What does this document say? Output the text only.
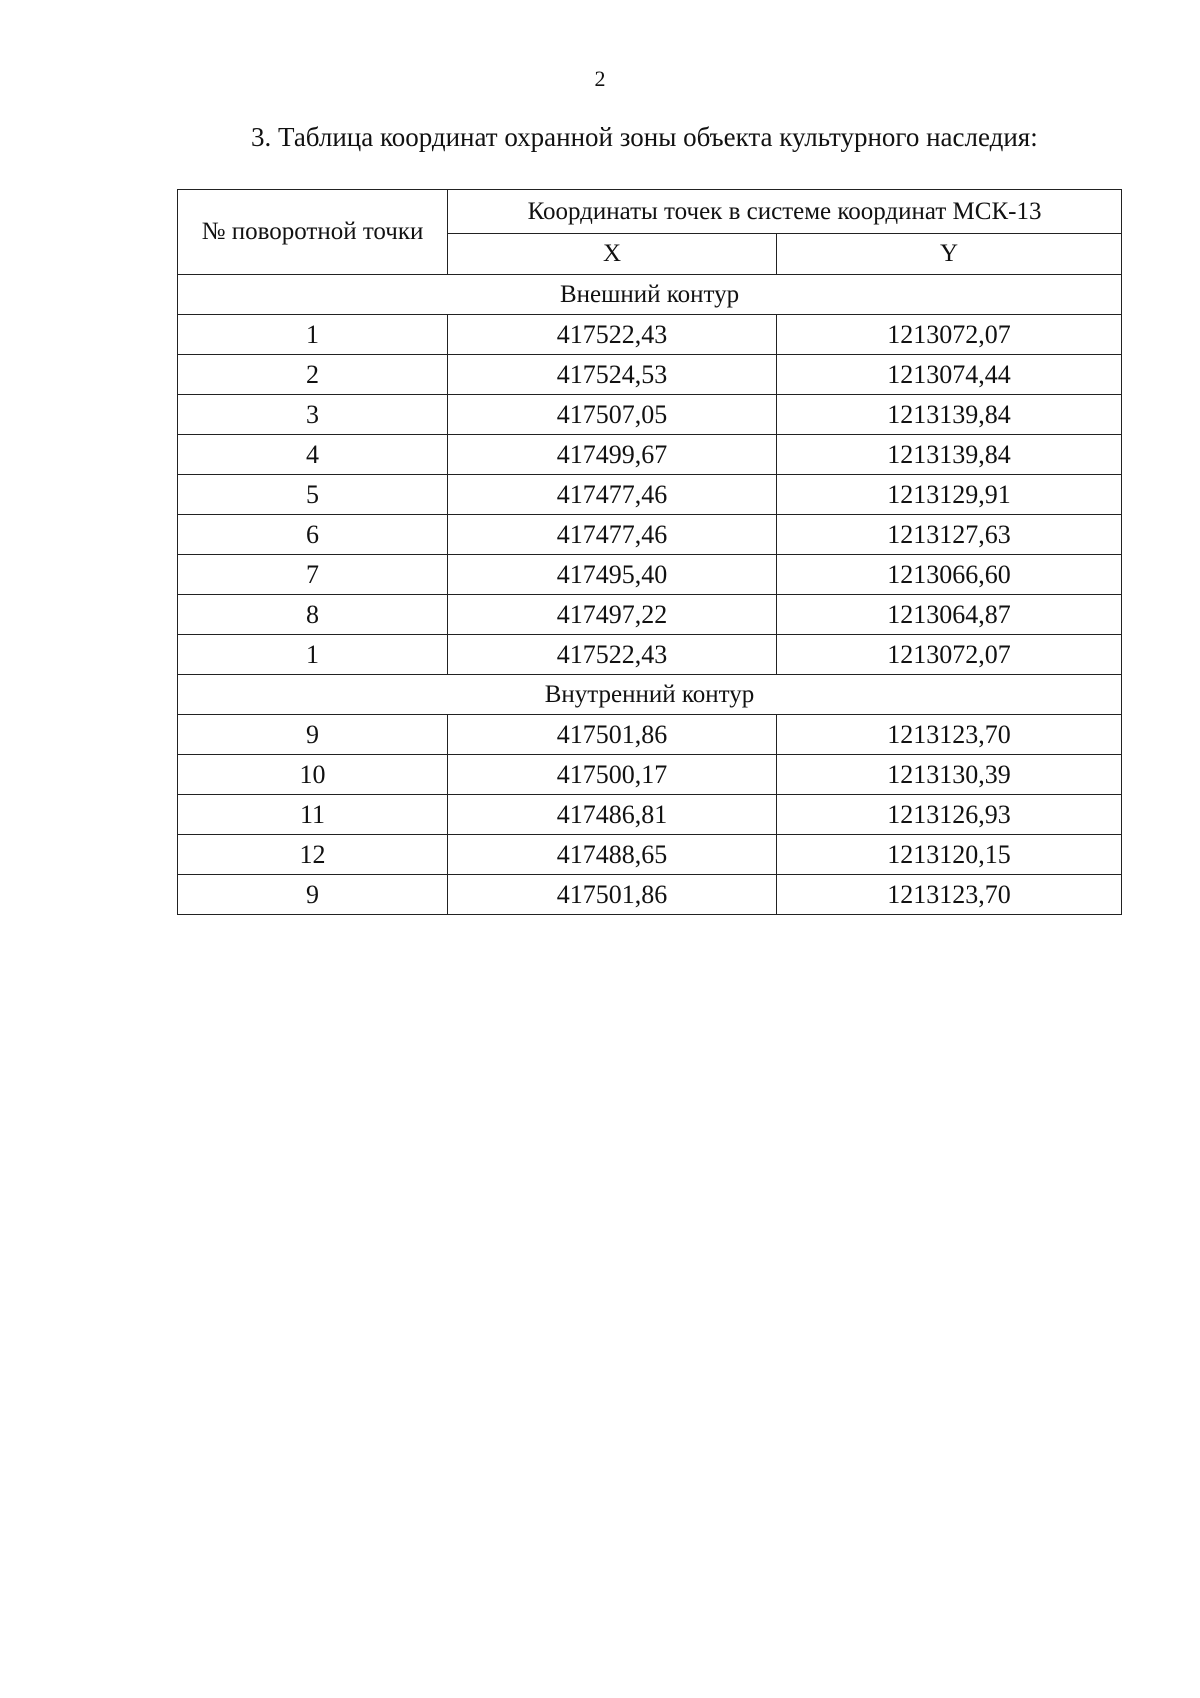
2
3. Таблица координат охранной зоны объекта культурного наследия:
№ поворотной точки	Координаты точек в системе координат МСК-13	
	X	Y
Внешний контур		
1	417522,43	1213072,07
2	417524,53	1213074,44
3	417507,05	1213139,84
4	417499,67	1213139,84
5	417477,46	1213129,91
6	417477,46	1213127,63
7	417495,40	1213066,60
8	417497,22	1213064,87
1	417522,43	1213072,07
Внутренний контур		
9	417501,86	1213123,70
10	417500,17	1213130,39
11	417486,81	1213126,93
12	417488,65	1213120,15
9	417501,86	1213123,70
